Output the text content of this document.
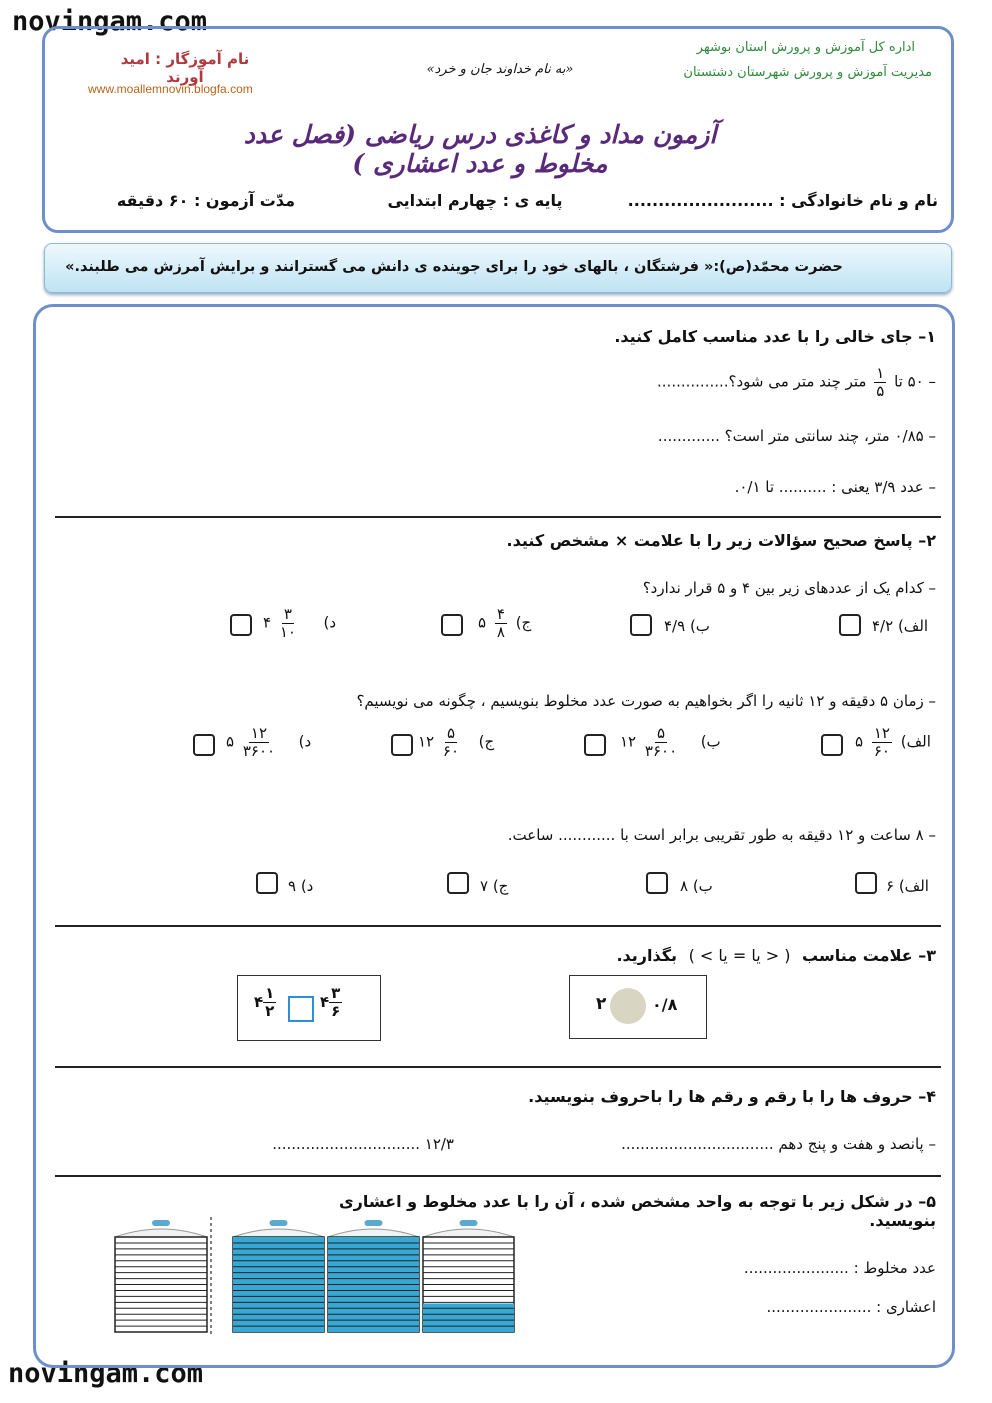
novingam.com
novingam.com
نام آموزگار : امید آورند
www.moallemnovin.blogfa.com
«به نام خداوند جان و خرد»
اداره کل آموزش و پرورش استان بوشهر
مدیریت آموزش و پرورش شهرستان دشتستان
آزمون مداد و کاغذی درس ریاضی (فصل عدد مخلوط و عدد اعشاری )
نام و نام خانوادگی : ........................
پایه ی : چهارم ابتدایی
مدّت آزمون : ۶۰ دقیقه
حضرت محمّد(ص):« فرشتگان ، بالهای خود را برای جوینده ی دانش می گسترانند و برایش آمرزش می طلبند.»
۱– جای خالی را با عدد مناسب کامل کنید.
– ۵۰ تا
$\frac{۱}{۵}$
متر چند متر می شود؟...............
– ۰/۸۵ متر، چند سانتی متر است؟ .............
– عدد ۳/۹ یعنی : .......... تا ۰/۱.
۲– پاسخ صحیح سؤالات زیر را با علامت × مشخص کنید.
– کدام یک از عددهای زیر بین ۴ و ۵ قرار ندارد؟
الف) ۴/۲
ب) ۴/۹
ج)
$\frac{۴}{۸}$
۵
د)
$\frac{۳}{۱۰}$
۴
– زمان ۵ دقیقه و ۱۲ ثانیه را اگر بخواهیم به صورت عدد مخلوط بنویسیم ، چگونه می نویسیم؟
الف)
$\frac{۱۲}{۶۰}$
۵
ب)
$\frac{۵}{۳۶۰۰}$
۱۲
ج)
$\frac{۵}{۶۰}$
۱۲
د)
$\frac{۱۲}{۳۶۰۰}$
۵
– ۸ ساعت و ۱۲ دقیقه به طور تقریبی برابر است با ............ ساعت.
الف) ۶
ب) ۸
ج) ۷
د) ۹
۳– علامت مناسب ( < یا = یا > ) بگذارید.
۲	۰/۸
۴ $\frac{۱}{۲}$	۴ $\frac{۳}{۶}$
۴– حروف ها را با رقم و رقم ها را باحروف بنویسید.
– پانصد و هفت و پنج دهم ................................
۱۲/۳ ...............................
۵– در شکل زیر با توجه به واحد مشخص شده ، آن را با عدد مخلوط و اعشاری بنویسید.
عدد مخلوط : ......................
اعشاری : ......................
